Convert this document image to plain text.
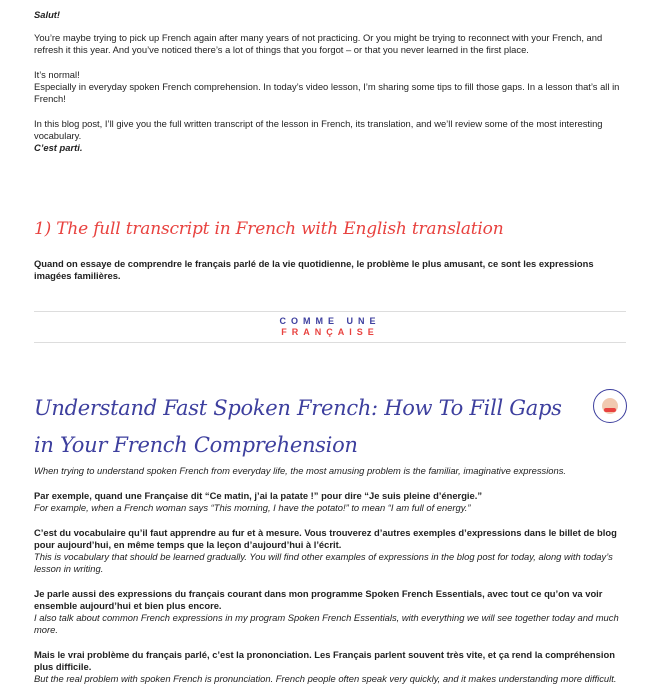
Salut!

You’re maybe trying to pick up French again after many years of not practicing. Or you might be trying to reconnect with your French, and refresh it this year. And you’ve noticed there’s a lot of things that you forgot – or that you never learned in the first place.

It’s normal!

Especially in everyday spoken French comprehension. In today’s video lesson, I’m sharing some tips to fill those gaps. In a lesson that’s all in French!

In this blog post, I’ll give you the full written transcript of the lesson in French, its translation, and we’ll review some of the most interesting vocabulary.

C’est parti.

1) The full transcript in French with English translation

Quand on essaye de comprendre le français parlé de la vie quotidienne, le problème le plus amusant, ce sont les expressions imagées familières.

COMME UNE
FRANÇAISE
Understand Fast Spoken French: How To Fill Gaps in Your French Comprehension

When trying to understand spoken French from everyday life, the most amusing problem is the familiar, imaginative expressions.

Par exemple, quand une Française dit “Ce matin, j’ai la patate !” pour dire “Je suis pleine d’énergie.”

For example, when a French woman says “This morning, I have the potato!” to mean “I am full of energy.”

C’est du vocabulaire qu’il faut apprendre au fur et à mesure. Vous trouverez d’autres exemples d’expressions dans le billet de blog pour aujourd’hui, en même temps que la leçon d’aujourd’hui à l’écrit.

This is vocabulary that should be learned gradually. You will find other examples of expressions in the blog post for today, along with today’s lesson in writing.

Je parle aussi des expressions du français courant dans mon programme Spoken French Essentials, avec tout ce qu’on va voir ensemble aujourd’hui et bien plus encore.

I also talk about common French expressions in my program Spoken French Essentials, with everything we will see together today and much more.

Mais le vrai problème du français parlé, c’est la prononciation. Les Français parlent souvent très vite, et ça rend la compréhension plus difficile.

But the real problem with spoken French is pronunciation. French people often speak very quickly, and it makes understanding more difficult.
